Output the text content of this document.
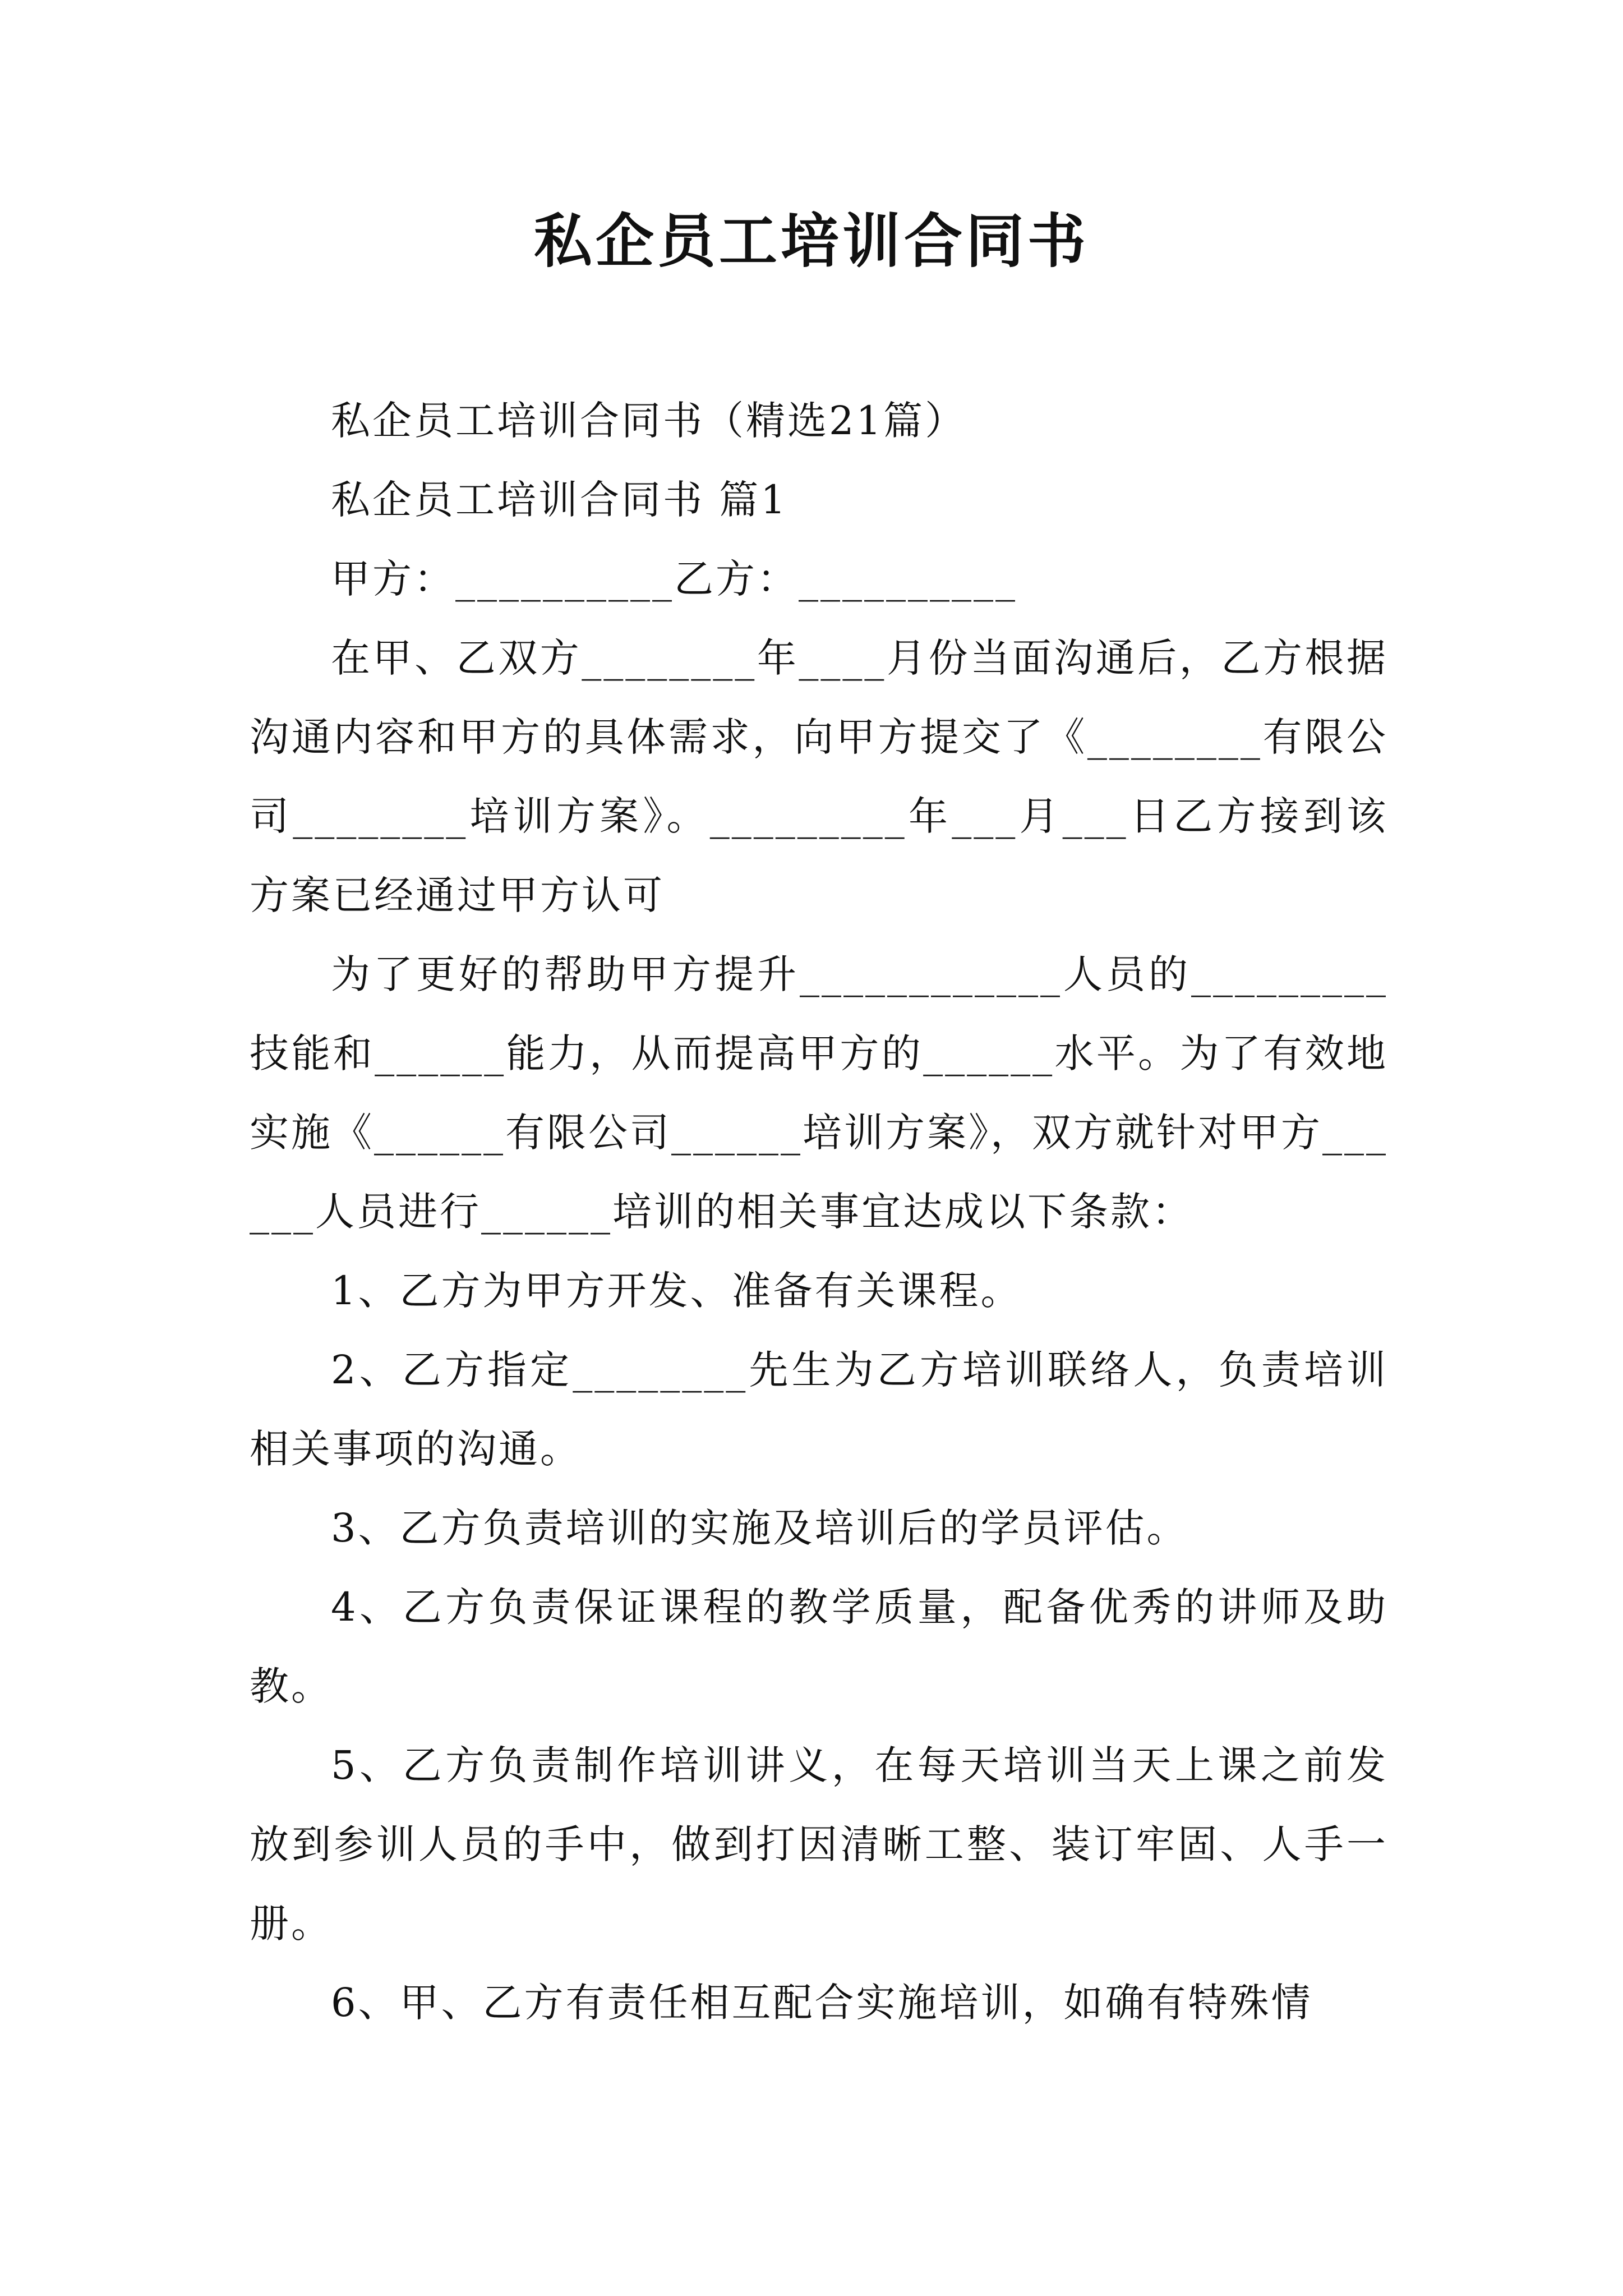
私企员工培训合同书

私企员工培训合同书（精选21篇）

私企员工培训合同书 篇1

甲方：__________乙方：__________

在甲、乙双方________年____月份当面沟通后，乙方根据沟通内容和甲方的具体需求，向甲方提交了《________有限公司________培训方案》。_________年___月___日乙方接到该方案已经通过甲方认可

为了更好的帮助甲方提升____________人员的_________技能和______能力，从而提高甲方的______水平。为了有效地实施《______有限公司______培训方案》，双方就针对甲方______人员进行______培训的相关事宜达成以下条款：

1、乙方为甲方开发、准备有关课程。

2、乙方指定________先生为乙方培训联络人，负责培训相关事项的沟通。

3、乙方负责培训的实施及培训后的学员评估。

4、乙方负责保证课程的教学质量，配备优秀的讲师及助教。

5、乙方负责制作培训讲义，在每天培训当天上课之前发放到参训人员的手中，做到打因清晰工整、装订牢固、人手一册。

6、甲、乙方有责任相互配合实施培训，如确有特殊情
